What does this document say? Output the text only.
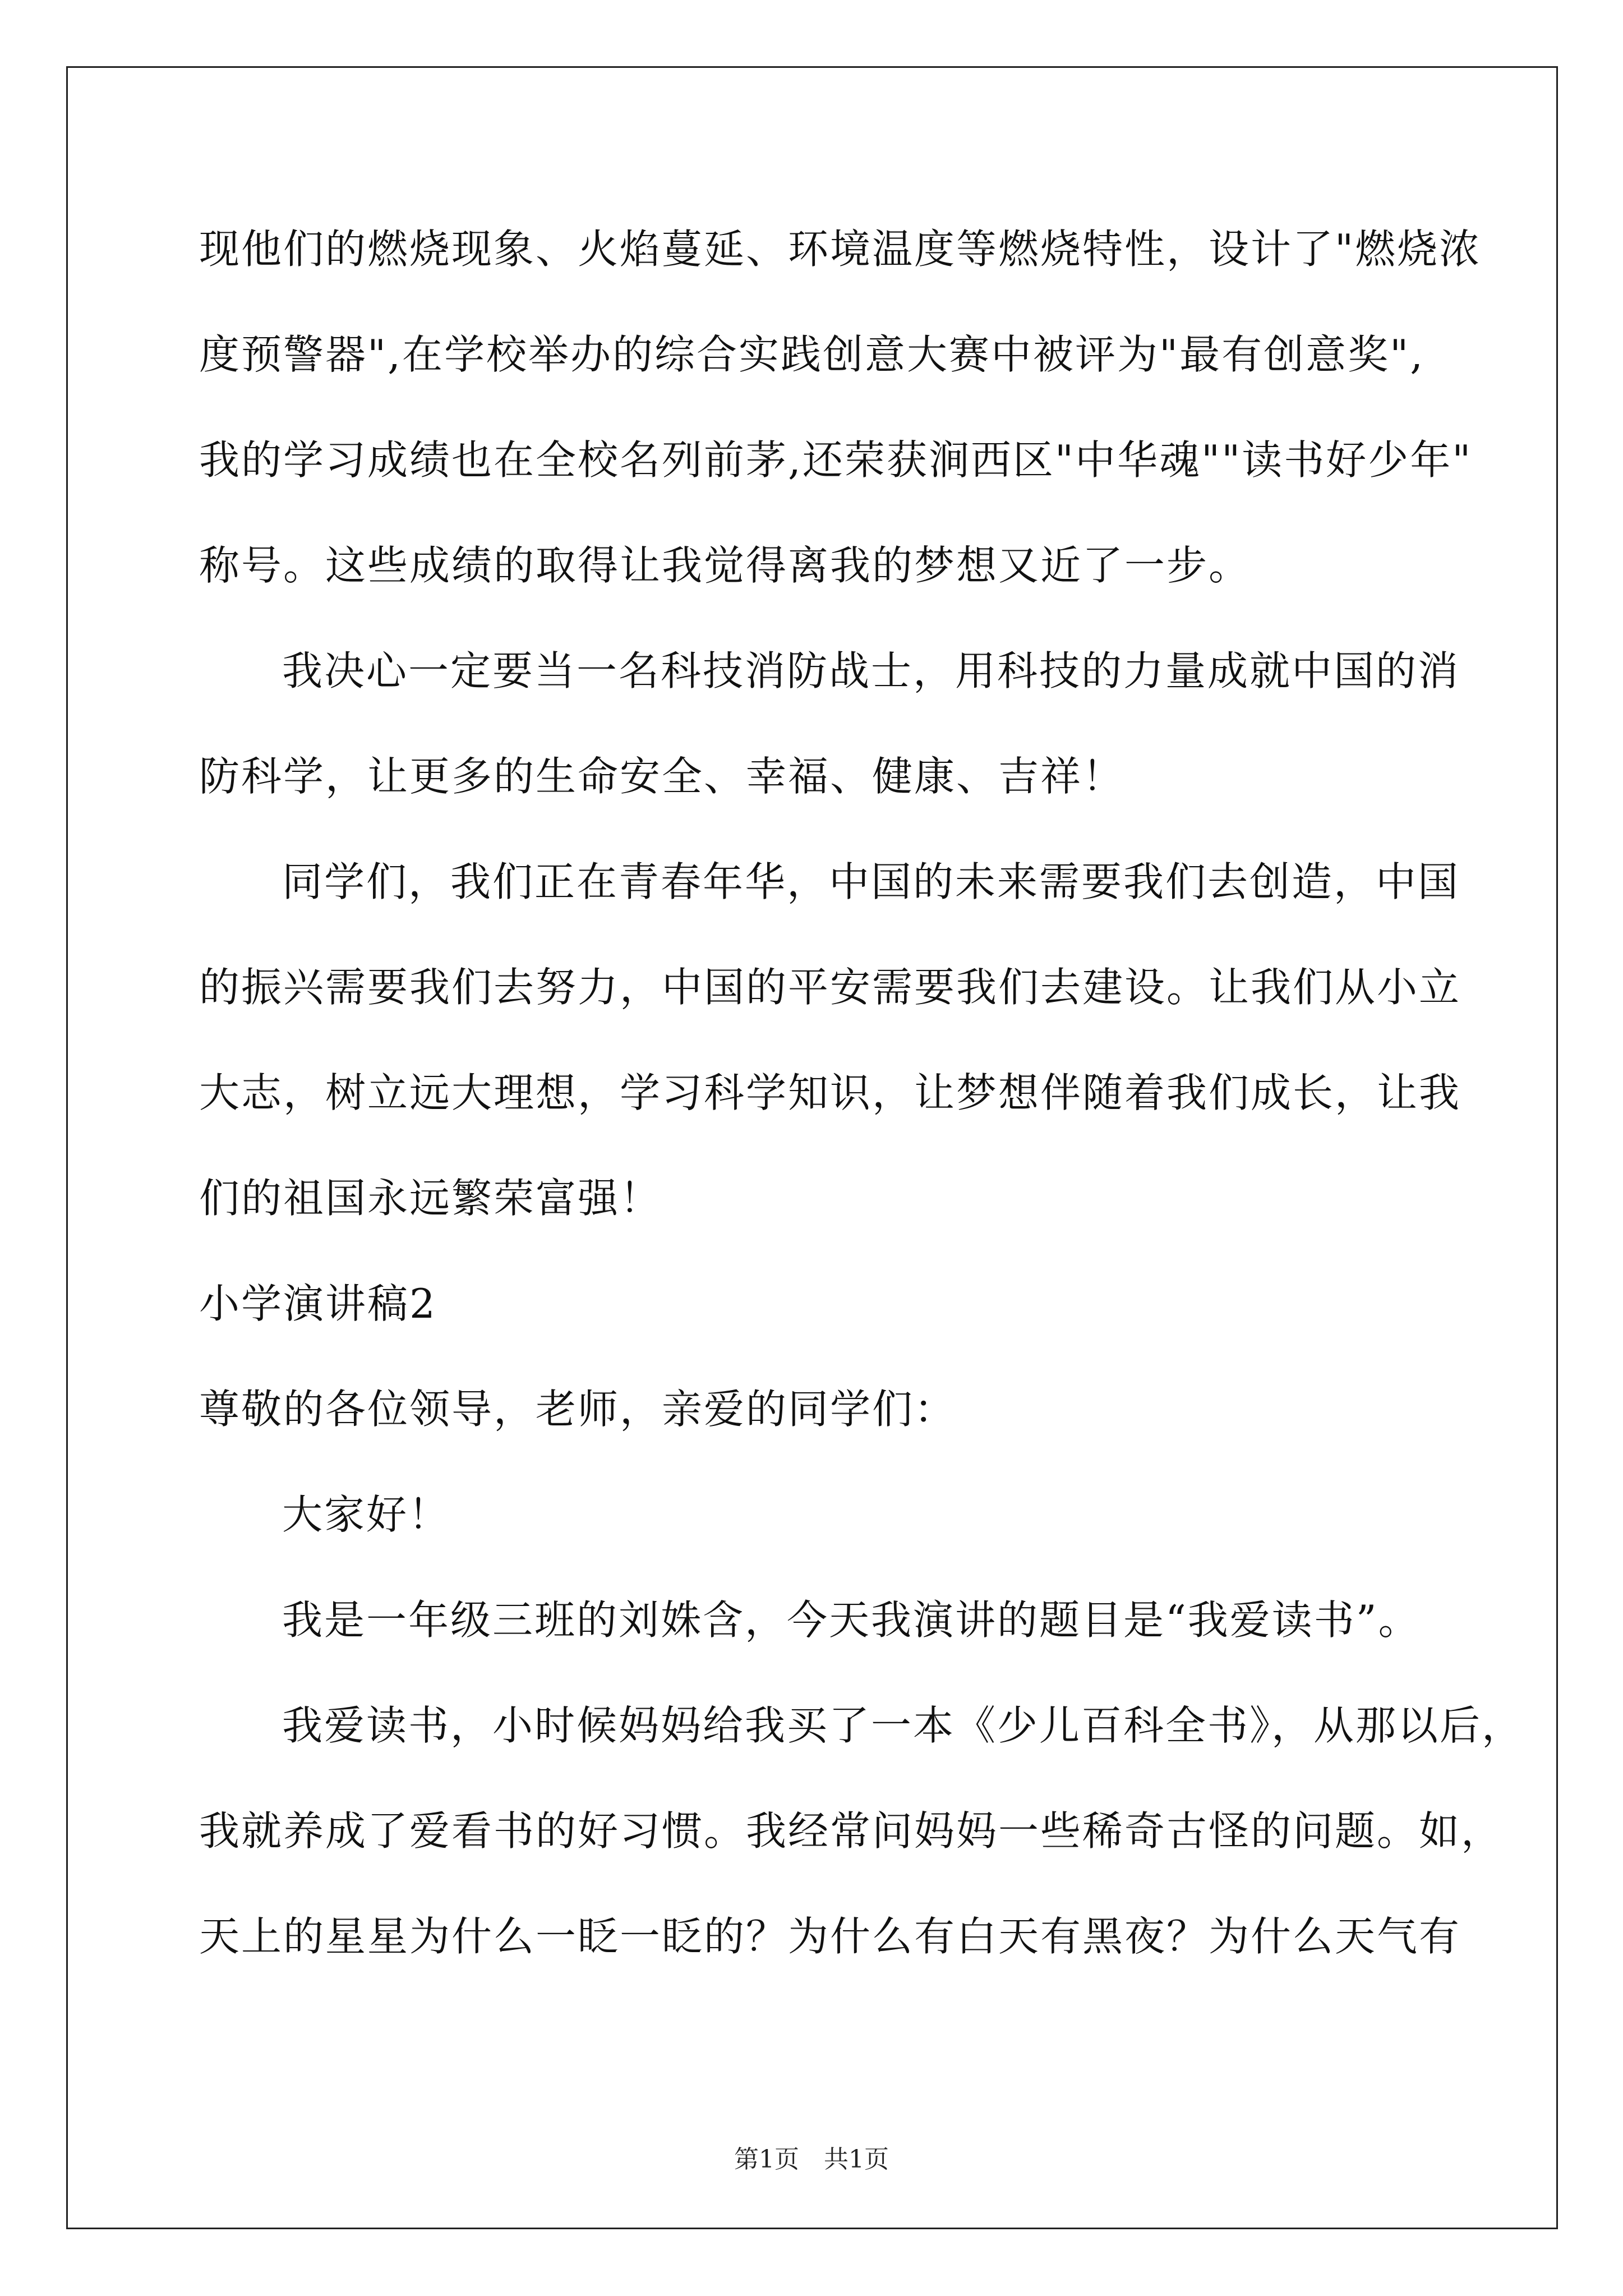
现他们的燃烧现象、火焰蔓延、环境温度等燃烧特性，设计了"燃烧浓
度预警器",在学校举办的综合实践创意大赛中被评为"最有创意奖",
我的学习成绩也在全校名列前茅,还荣获涧西区"中华魂""读书好少年"
称号。这些成绩的取得让我觉得离我的梦想又近了一步。
我决心一定要当一名科技消防战士，用科技的力量成就中国的消
防科学，让更多的生命安全、幸福、健康、吉祥！
同学们，我们正在青春年华，中国的未来需要我们去创造，中国
的振兴需要我们去努力，中国的平安需要我们去建设。让我们从小立
大志，树立远大理想，学习科学知识，让梦想伴随着我们成长，让我
们的祖国永远繁荣富强！
小学演讲稿2
尊敬的各位领导，老师，亲爱的同学们：
大家好！
我是一年级三班的刘姝含，今天我演讲的题目是“我爱读书”。
我爱读书，小时候妈妈给我买了一本《少儿百科全书》，从那以后，
我就养成了爱看书的好习惯。我经常问妈妈一些稀奇古怪的问题。如，
天上的星星为什么一眨一眨的？为什么有白天有黑夜？为什么天气有
第1页　共1页
